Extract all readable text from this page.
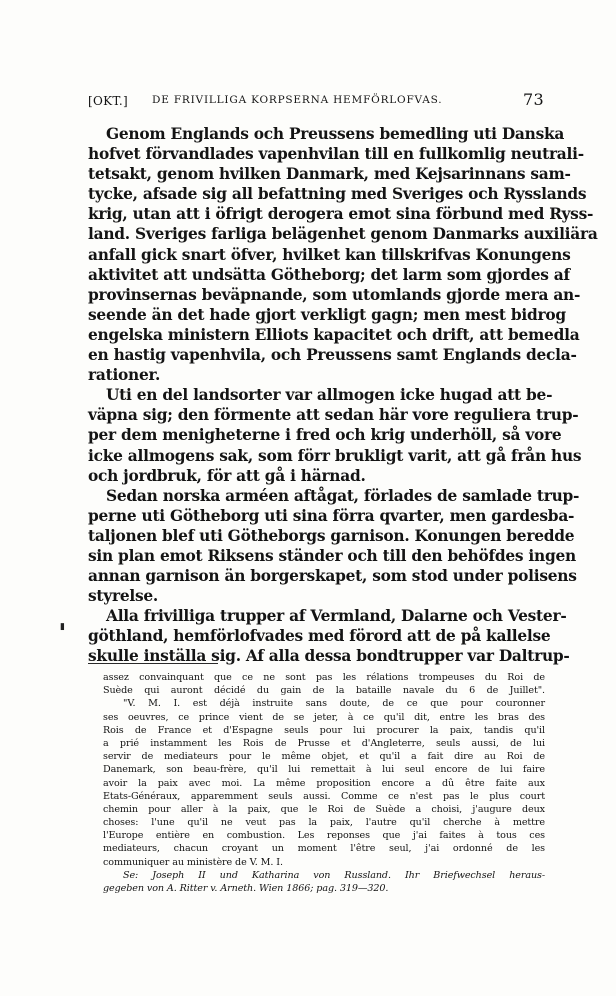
[OKT.] DE FRIVILLIGA KORPSERNA HEMFÖRLOFVAS.	73
Genom Englands och Preussens bemedling uti Danska
hofvet förvandlades vapenhvilan till en fullkomlig neutrali-
tetsakt, genom hvilken Danmark, med Kejsarinnans sam-
tycke, afsade sig all befattning med Sveriges och Rysslands
krig, utan att i öfrigt derogera emot sina förbund med Ryss-
land. Sveriges farliga belägenhet genom Danmarks auxiliära
anfall gick snart öfver, hvilket kan tillskrifvas Konungens
aktivitet att undsätta Götheborg; det larm som gjordes af
provinsernas beväpnande, som utomlands gjorde mera an-
seende än det hade gjort verkligt gagn; men mest bidrog
engelska ministern Elliots kapacitet och drift, att bemedla
en hastig vapenhvila, och Preussens samt Englands decla-
rationer.
Uti en del landsorter var allmogen icke hugad att be-
väpna sig; den förmente att sedan här vore reguliera trup-
per dem menigheterne i fred och krig underhöll, så vore
icke allmogens sak, som förr brukligt varit, att gå från hus
och jordbruk, för att gå i härnad.
Sedan norska arméen aftågat, förlades de samlade trup-
perne uti Götheborg uti sina förra qvarter, men gardesba-
taljonen blef uti Götheborgs garnison. Konungen beredde
sin plan emot Riksens ständer och till den behöfdes ingen
annan garnison än borgerskapet, som stod under polisens
styrelse.
Alla frivilliga trupper af Vermland, Dalarne och Vester-
göthland, hemförlofvades med förord att de på kallelse
skulle inställa sig. Af alla dessa bondtrupper var Daltrup-
▮
assez convainquant que ce ne sont pas les rélations trompeuses du Roi de
Suède qui auront décidé du gain de la bataille navale du 6 de Juillet".
"V. M. I. est déjà instruite sans doute, de ce que pour couronner
ses oeuvres, ce prince vient de se jeter, à ce qu'il dit, entre les bras des
Rois de France et d'Espagne seuls pour lui procurer la paix, tandis qu'il
a prié instamment les Rois de Prusse et d'Angleterre, seuls aussi, de lui
servir de mediateurs pour le même objet, et qu'il a fait dire au Roi de
Danemark, son beau-frère, qu'il lui remettait à lui seul encore de lui faire
avoir la paix avec moi. La même proposition encore a dû être faite aux
Etats-Généraux, apparemment seuls aussi. Comme ce n'est pas le plus court
chemin pour aller à la paix, que le Roi de Suède a choisi, j'augure deux
choses: l'une qu'il ne veut pas la paix, l'autre qu'il cherche à mettre
l'Europe entière en combustion. Les reponses que j'ai faites à tous ces
mediateurs, chacun croyant un moment l'être seul, j'ai ordonné de les
communiquer au ministère de V. M. I.
Se: Joseph II und Katharina von Russland. Ihr Briefwechsel heraus-
gegeben von A. Ritter v. Arneth. Wien 1866; pag. 319—320.
